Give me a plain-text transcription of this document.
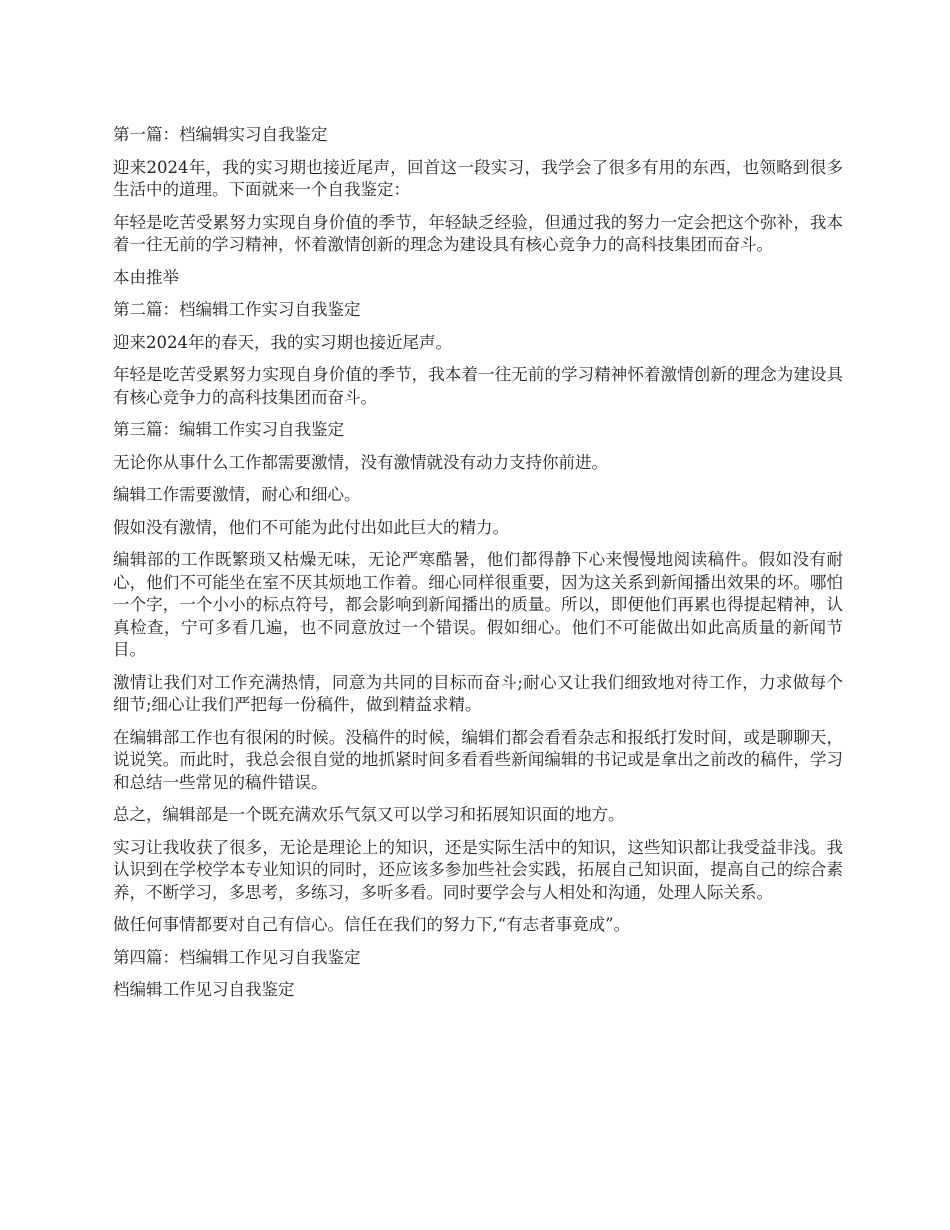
第一篇：档编辑实习自我鉴定

迎来2024年，我的实习期也接近尾声，回首这一段实习，我学会了很多有用的东西，也领略到很多生活中的道理。下面就来一个自我鉴定：

年轻是吃苦受累努力实现自身价值的季节，年轻缺乏经验，但通过我的努力一定会把这个弥补，我本着一往无前的学习精神，怀着激情创新的理念为建设具有核心竞争力的高科技集团而奋斗。

本由推举

第二篇：档编辑工作实习自我鉴定

迎来2024年的春天，我的实习期也接近尾声。

年轻是吃苦受累努力实现自身价值的季节，我本着一往无前的学习精神怀着激情创新的理念为建设具有核心竞争力的高科技集团而奋斗。

第三篇：编辑工作实习自我鉴定

无论你从事什么工作都需要激情，没有激情就没有动力支持你前进。

编辑工作需要激情，耐心和细心。

假如没有激情，他们不可能为此付出如此巨大的精力。

编辑部的工作既繁琐又枯燥无味，无论严寒酷暑，他们都得静下心来慢慢地阅读稿件。假如没有耐心，他们不可能坐在室不厌其烦地工作着。细心同样很重要，因为这关系到新闻播出效果的坏。哪怕一个字，一个小小的标点符号，都会影响到新闻播出的质量。所以，即便他们再累也得提起精神，认真检查，宁可多看几遍，也不同意放过一个错误。假如细心。他们不可能做出如此高质量的新闻节目。

激情让我们对工作充满热情，同意为共同的目标而奋斗;耐心又让我们细致地对待工作，力求做每个细节;细心让我们严把每一份稿件，做到精益求精。

在编辑部工作也有很闲的时候。没稿件的时候，编辑们都会看看杂志和报纸打发时间，或是聊聊天，说说笑。而此时，我总会很自觉的地抓紧时间多看看些新闻编辑的书记或是拿出之前改的稿件，学习和总结一些常见的稿件错误。

总之，编辑部是一个既充满欢乐气氛又可以学习和拓展知识面的地方。

实习让我收获了很多，无论是理论上的知识，还是实际生活中的知识，这些知识都让我受益非浅。我认识到在学校学本专业知识的同时，还应该多参加些社会实践，拓展自己知识面，提高自己的综合素养，不断学习，多思考，多练习，多听多看。同时要学会与人相处和沟通，处理人际关系。

做任何事情都要对自己有信心。信任在我们的努力下,“有志者事竟成”。

第四篇：档编辑工作见习自我鉴定

档编辑工作见习自我鉴定
